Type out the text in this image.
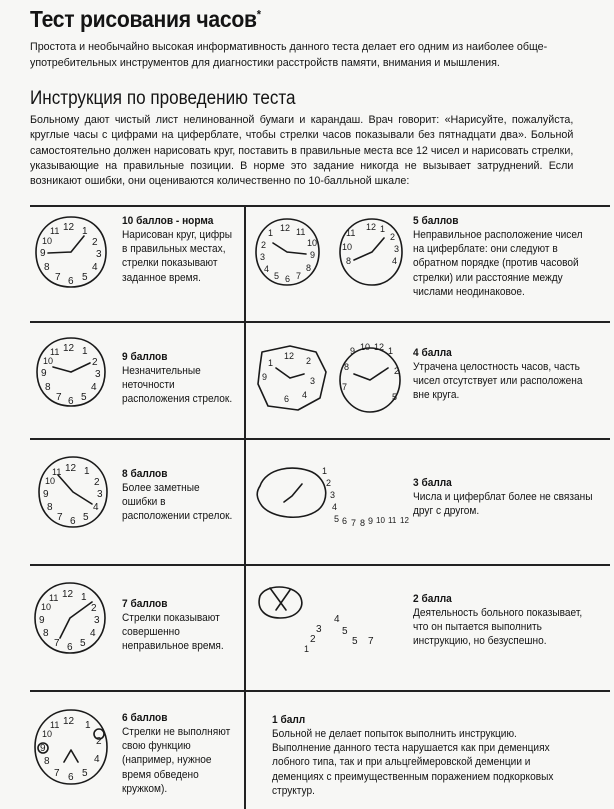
Тест рисования часов*
Простота и необычайно высокая информативность данного теста делает его одним из наиболее обще-употребительных инструментов для диагностики расстройств памяти, внимания и мышления.
Инструкция по проведению теста
Больному дают чистый лист нелинованной бумаги и карандаш. Врач говорит: «Нарисуйте, пожалуйста, круглые часы с цифрами на циферблате, чтобы стрелки часов показывали без пятнадцати два». Больной самостоятельно должен нарисовать круг, поставить в правильные места все 12 чисел и нарисовать стрелки, указывающие на правильные позиции. В норме это задание никогда не вызывает затруднений. Если возникают ошибки, они оцениваются количественно по 10-балльной шкале:
12 1
2
3
4
5
6
7
8
9
10
11
10 баллов - норма
Нарисован круг, цифры в правильных местах, стрелки показывают заданное время.
12
1
2
3
4
5 6 7
8
9
10
11	12 1
2
3
4
11
10
8
5 баллов
Неправильное расположение чисел на циферблате: они следуют в обратном порядке (против часовой стрелки) или расстояние между числами неодинаковое.
12 1
2
3
4
5
6
7
8
9
10
11	9 баллов
Незначительные неточности расположения стрелок.
12
1
9
2
3
4
6
10 12 1
9
8
7
5
2
4 балла
Утрачена целостность часов, часть чисел отсутствует или расположена вне круга.
12 1
2
3
4
5
6
7
8
9
10
11	8 баллов
Более заметные ошибки в расположении стрелок.
1
2
3
4
5 6 7 8 9 10 11 12
3 балла
Числа и циферблат более не связаны друг с другом.
12 1
2
3
4
5
6
7
8
9
10
11	7 баллов
Стрелки показывают совершенно неправильное время.
4
5
3
2
1
5 7
2 балла
Деятельность больного показывает, что он пытается выполнить инструкцию, но безуспешно.
12 1
2
4
5
6
7
8
9
10
11
6 баллов
Стрелки не выполняют свою функцию (например, нужное время обведено кружком).
1 балл
Больной не делает попыток выполнить инструкцию. Выполнение данного теста нарушается как при деменциях лобного типа, так и при альцгеймеровской деменции и деменциях с преимущественным поражением подкорковых структур.
